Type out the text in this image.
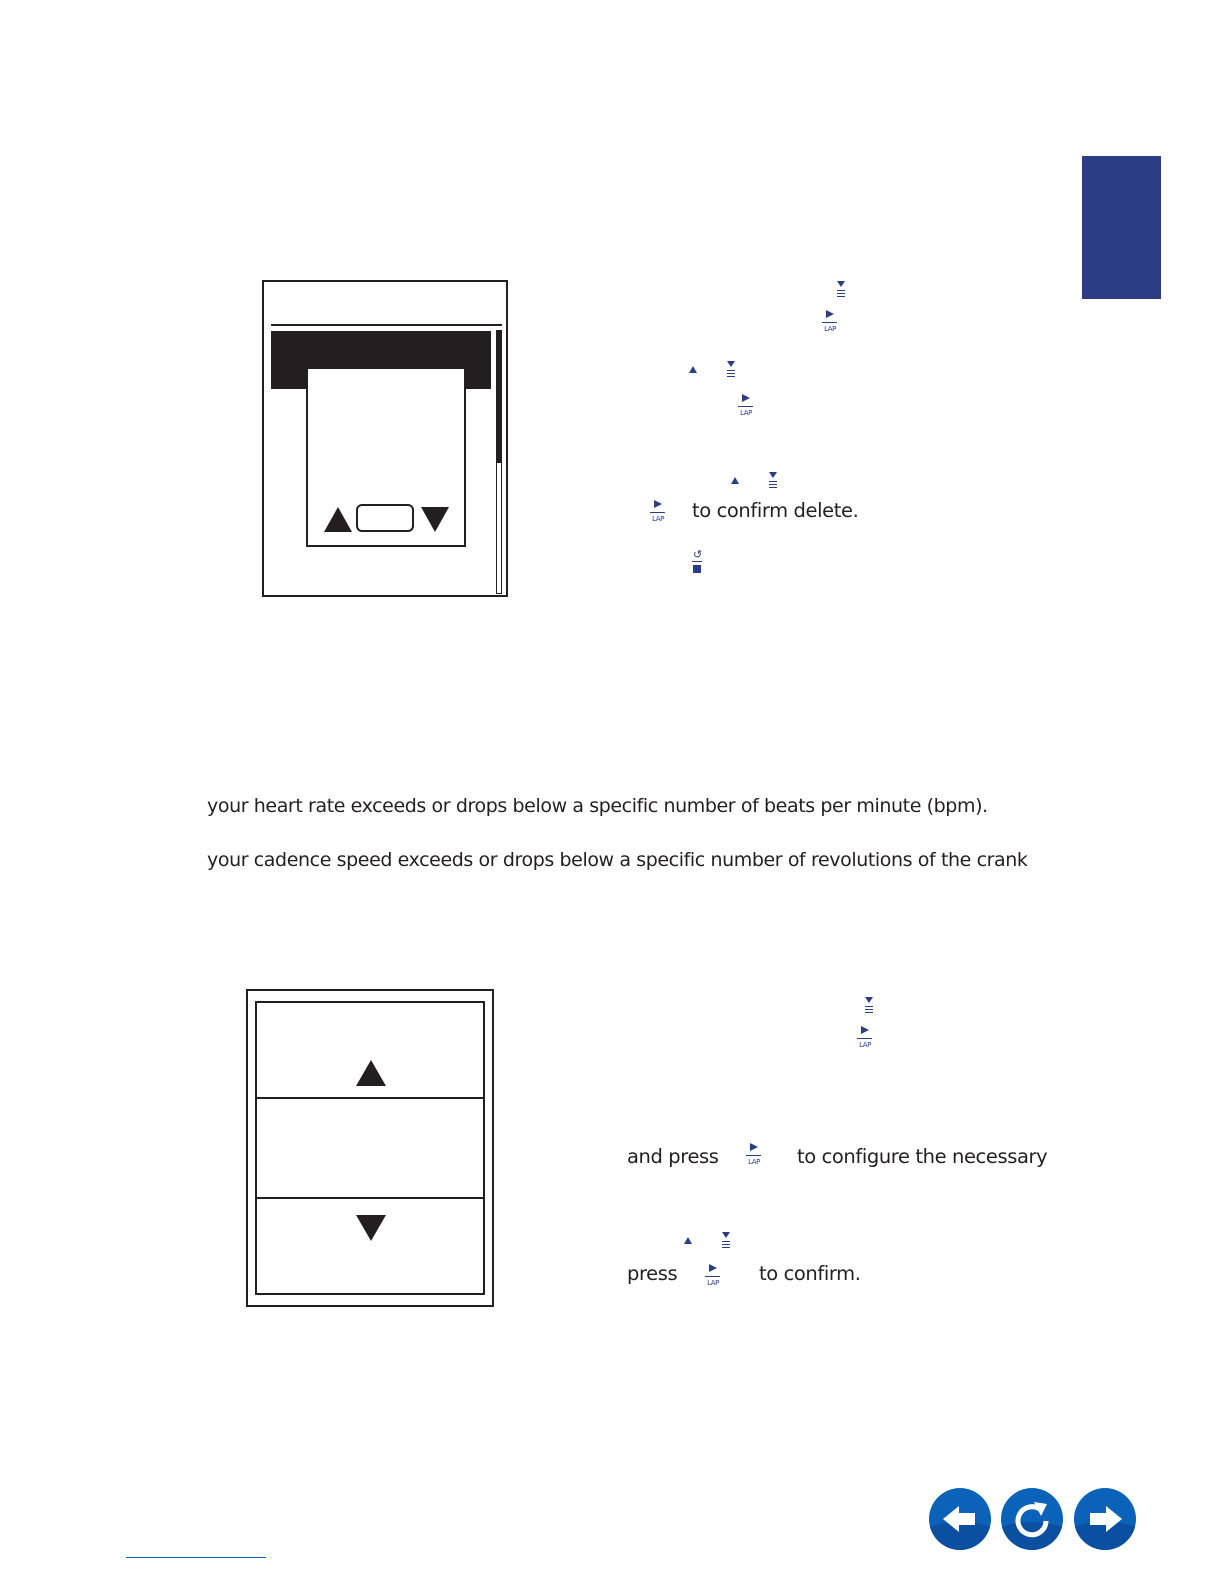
LAP
LAP
LAP to confirm delete.
↺
your heart rate exceeds or drops below a specific number of beats per minute (bpm).
your cadence speed exceeds or drops below a specific number of revolutions of the crank
LAP
and press	LAP to configure the necessary
press	LAP to confirm.
